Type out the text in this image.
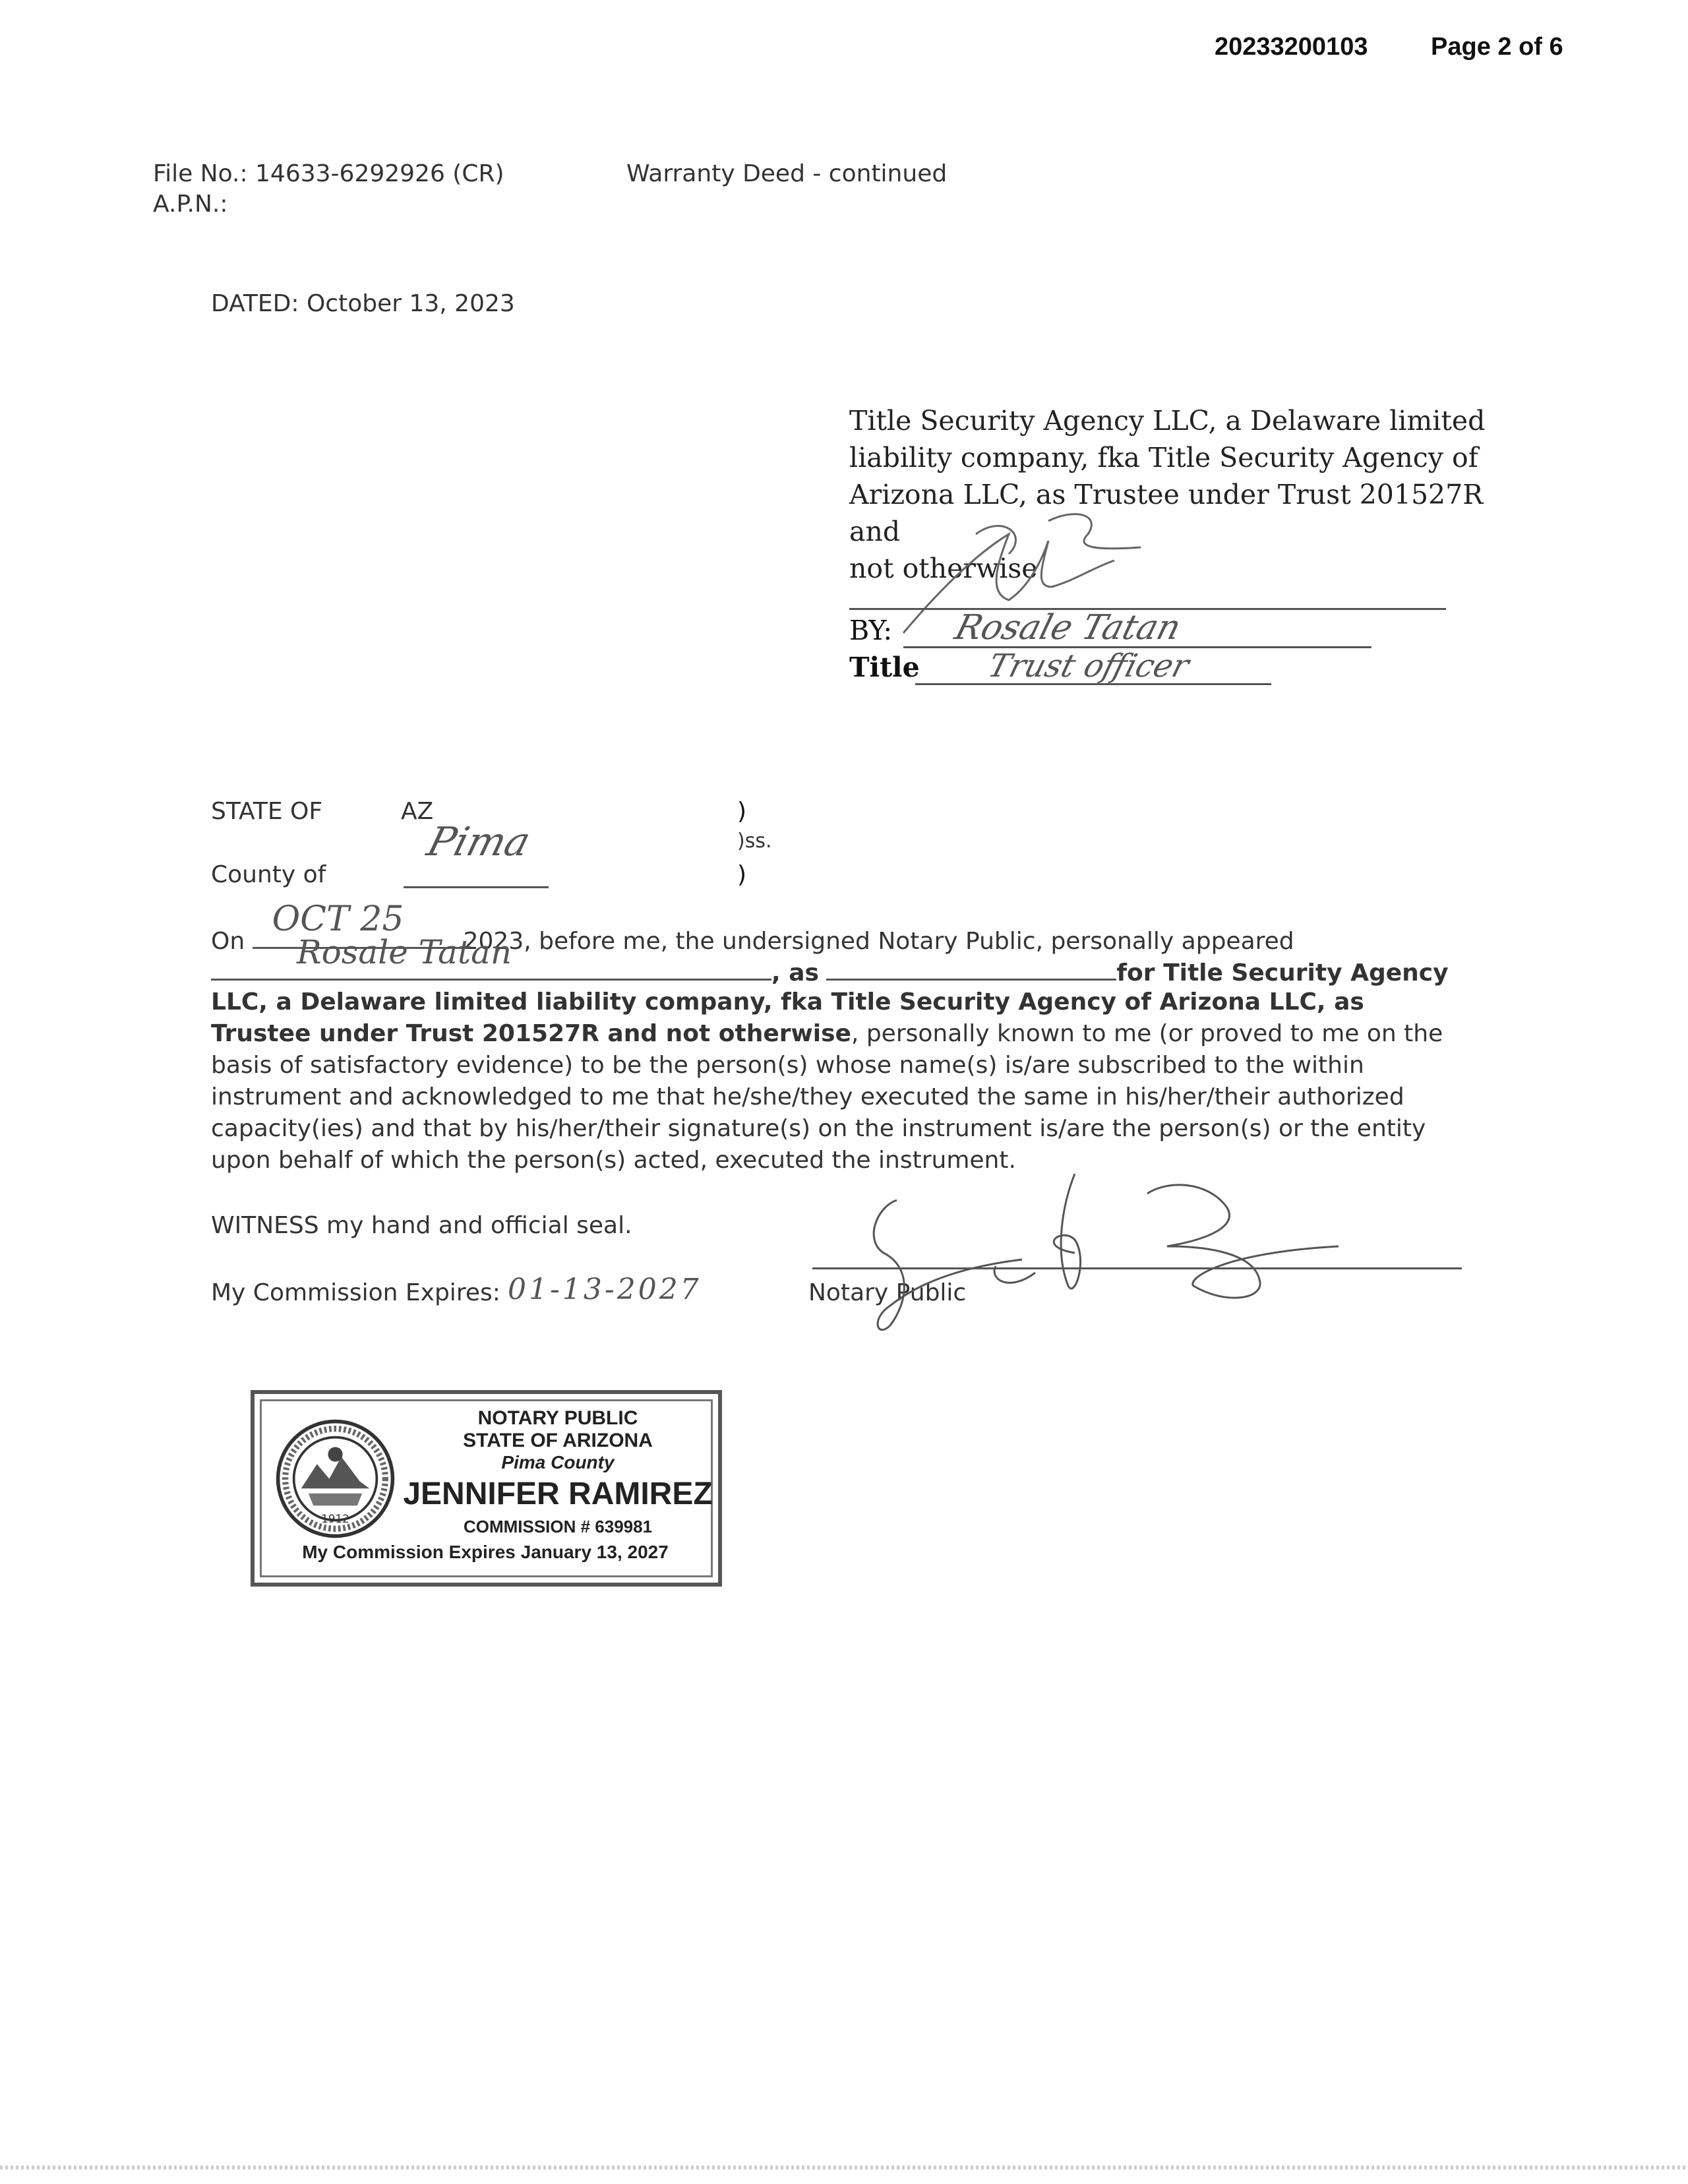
20233200103	Page 2 of 6
File No.: 14633-6292926 (CR)
A.P.N.:
Warranty Deed - continued
DATED: October 13, 2023
Title Security Agency LLC, a Delaware limited
liability company, fka Title Security Agency of
Arizona LLC, as Trustee under Trust 201527R and
not otherwise
BY: Rosale Tatan
Title Trust officer
STATE OF	AZ
County of
Pima
)
)ss.
)
On
OCT 25
2023, before me, the undersigned Notary Public, personally appeared
Rosale Tatan
, as	for Title Security Agency
LLC, a Delaware limited liability company, fka Title Security Agency of Arizona LLC, as
Trustee under Trust 201527R and not otherwise, personally known to me (or proved to me on the
basis of satisfactory evidence) to be the person(s) whose name(s) is/are subscribed to the within
instrument and acknowledged to me that he/she/they executed the same in his/her/their authorized
capacity(ies) and that by his/her/their signature(s) on the instrument is/are the person(s) or the entity
upon behalf of which the person(s) acted, executed the instrument.
WITNESS my hand and official seal.
My Commission Expires: 01-13-2027	Notary Public
1912
NOTARY PUBLIC
STATE OF ARIZONA
Pima County
JENNIFER RAMIREZ
COMMISSION # 639981
My Commission Expires January 13, 2027
